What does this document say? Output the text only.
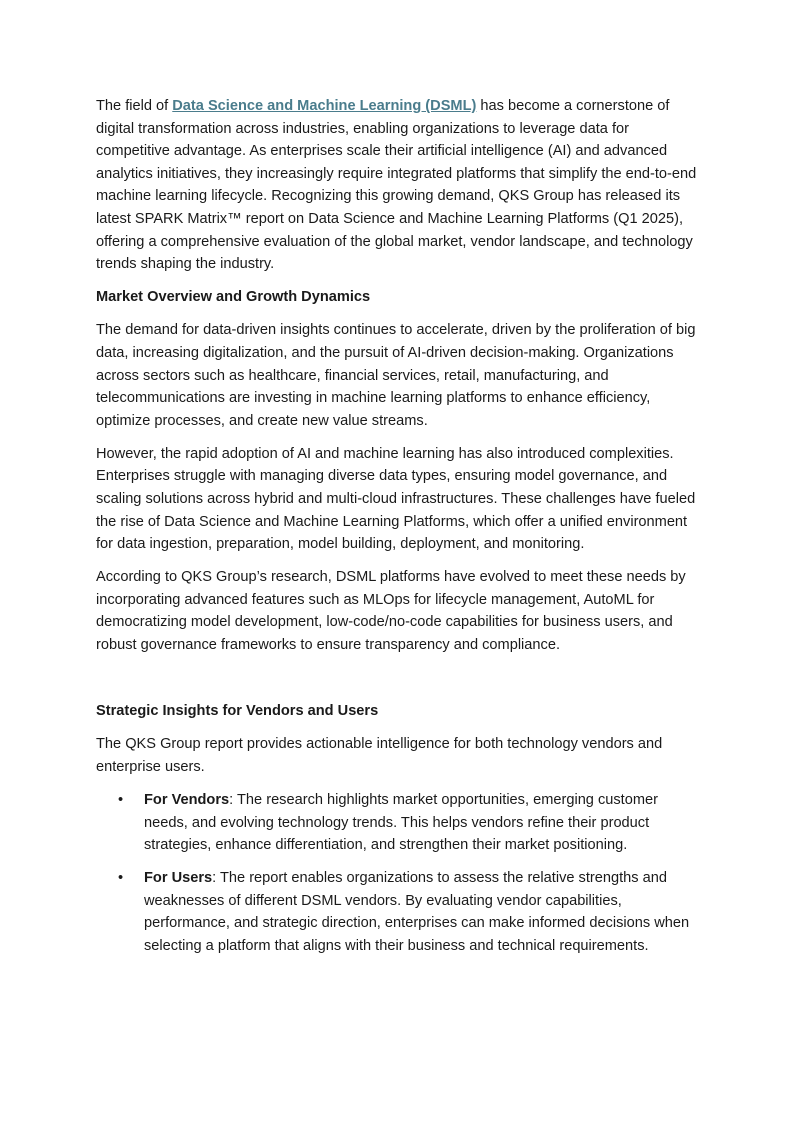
The field of Data Science and Machine Learning (DSML) has become a cornerstone of digital transformation across industries, enabling organizations to leverage data for competitive advantage. As enterprises scale their artificial intelligence (AI) and advanced analytics initiatives, they increasingly require integrated platforms that simplify the end-to-end machine learning lifecycle. Recognizing this growing demand, QKS Group has released its latest SPARK Matrix™ report on Data Science and Machine Learning Platforms (Q1 2025), offering a comprehensive evaluation of the global market, vendor landscape, and technology trends shaping the industry.

Market Overview and Growth Dynamics

The demand for data-driven insights continues to accelerate, driven by the proliferation of big data, increasing digitalization, and the pursuit of AI-driven decision-making. Organizations across sectors such as healthcare, financial services, retail, manufacturing, and telecommunications are investing in machine learning platforms to enhance efficiency, optimize processes, and create new value streams.

However, the rapid adoption of AI and machine learning has also introduced complexities. Enterprises struggle with managing diverse data types, ensuring model governance, and scaling solutions across hybrid and multi-cloud infrastructures. These challenges have fueled the rise of Data Science and Machine Learning Platforms, which offer a unified environment for data ingestion, preparation, model building, deployment, and monitoring.

According to QKS Group’s research, DSML platforms have evolved to meet these needs by incorporating advanced features such as MLOps for lifecycle management, AutoML for democratizing model development, low-code/no-code capabilities for business users, and robust governance frameworks to ensure transparency and compliance.

Strategic Insights for Vendors and Users

The QKS Group report provides actionable intelligence for both technology vendors and enterprise users.

• For Vendors: The research highlights market opportunities, emerging customer needs, and evolving technology trends. This helps vendors refine their product strategies, enhance differentiation, and strengthen their market positioning.
• For Users: The report enables organizations to assess the relative strengths and weaknesses of different DSML vendors. By evaluating vendor capabilities, performance, and strategic direction, enterprises can make informed decisions when selecting a platform that aligns with their business and technical requirements.
